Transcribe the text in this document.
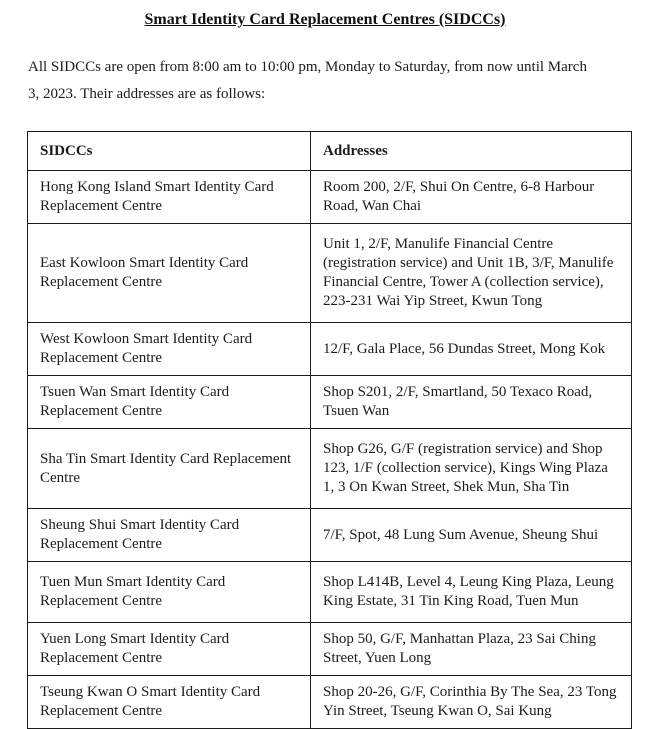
Smart Identity Card Replacement Centres (SIDCCs)

All SIDCCs are open from 8:00 am to 10:00 pm, Monday to Saturday, from now until March 3, 2023. Their addresses are as follows:

SIDCCs	Addresses
Hong Kong Island Smart Identity Card Replacement Centre	Room 200, 2/F, Shui On Centre, 6-8 Harbour Road, Wan Chai
East Kowloon Smart Identity Card Replacement Centre	Unit 1, 2/F, Manulife Financial Centre (registration service) and Unit 1B, 3/F, Manulife Financial Centre, Tower A (collection service), 223-231 Wai Yip Street, Kwun Tong
West Kowloon Smart Identity Card Replacement Centre	12/F, Gala Place, 56 Dundas Street, Mong Kok
Tsuen Wan Smart Identity Card Replacement Centre	Shop S201, 2/F, Smartland, 50 Texaco Road, Tsuen Wan
Sha Tin Smart Identity Card Replacement Centre	Shop G26, G/F (registration service) and Shop 123, 1/F (collection service), Kings Wing Plaza 1, 3 On Kwan Street, Shek Mun, Sha Tin
Sheung Shui Smart Identity Card Replacement Centre	7/F, Spot, 48 Lung Sum Avenue, Sheung Shui
Tuen Mun Smart Identity Card Replacement Centre	Shop L414B, Level 4, Leung King Plaza, Leung King Estate, 31 Tin King Road, Tuen Mun
Yuen Long Smart Identity Card Replacement Centre	Shop 50, G/F, Manhattan Plaza, 23 Sai Ching Street, Yuen Long
Tseung Kwan O Smart Identity Card Replacement Centre	Shop 20-26, G/F, Corinthia By The Sea, 23 Tong Yin Street, Tseung Kwan O, Sai Kung
